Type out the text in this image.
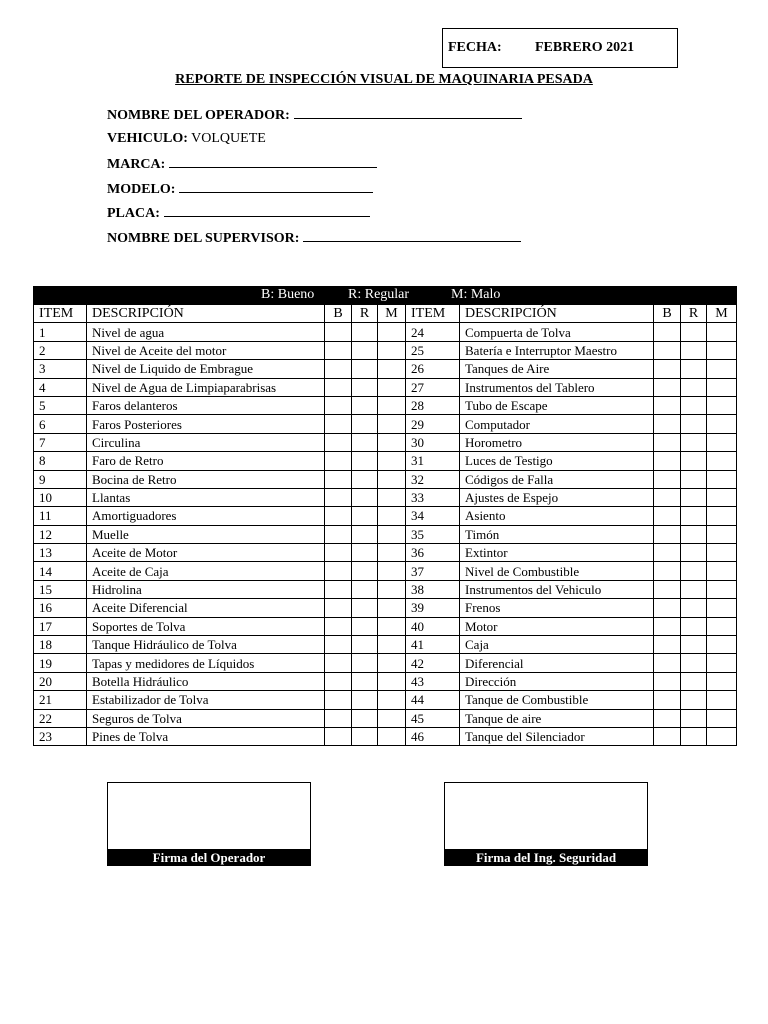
FECHA: FEBRERO 2021
REPORTE DE INSPECCIÓN VISUAL DE MAQUINARIA PESADA
NOMBRE DEL OPERADOR:
VEHICULO: VOLQUETE
MARCA:
MODELO:
PLACA:
NOMBRE DEL SUPERVISOR:
B: Bueno R: Regular	M: Malo
ITEM	DESCRIPCIÓN	B	R	M	ITEM	DESCRIPCIÓN	B	R	M
1	Nivel de agua				24	Compuerta de Tolva			
2	Nivel de Aceite del motor				25	Batería e Interruptor Maestro			
3	Nivel de Liquido de Embrague				26	Tanques de Aire			
4	Nivel de Agua de Limpiaparabrisas				27	Instrumentos del Tablero			
5	Faros delanteros				28	Tubo de Escape			
6	Faros Posteriores				29	Computador			
7	Circulina				30	Horometro			
8	Faro de Retro				31	Luces de Testigo			
9	Bocina de Retro				32	Códigos de Falla			
10	Llantas				33	Ajustes de Espejo			
11	Amortiguadores				34	Asiento			
12	Muelle				35	Timón			
13	Aceite de Motor				36	Extintor			
14	Aceite de Caja				37	Nivel de Combustible			
15	Hidrolina				38	Instrumentos del Vehiculo			
16	Aceite Diferencial				39	Frenos			
17	Soportes de Tolva				40	Motor			
18	Tanque Hidráulico de Tolva				41	Caja			
19	Tapas y medidores de Líquidos				42	Diferencial			
20	Botella Hidráulico				43	Dirección			
21	Estabilizador de Tolva				44	Tanque de Combustible			
22	Seguros de Tolva				45	Tanque de aire			
23	Pines de Tolva				46	Tanque del Silenciador			
Firma del Operador	Firma del Ing. Seguridad
